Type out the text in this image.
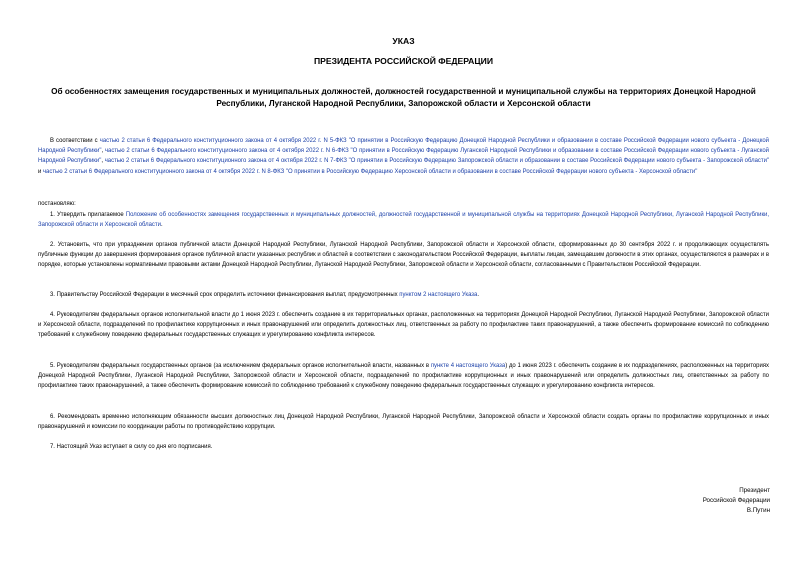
УКАЗ
ПРЕЗИДЕНТА РОССИЙСКОЙ ФЕДЕРАЦИИ
Об особенностях замещения государственных и муниципальных должностей, должностей государственной и муниципальной службы на территориях Донецкой Народной Республики, Луганской Народной Республики, Запорожской области и Херсонской области
В соответствии с частью 2 статьи 6 Федерального конституционного закона от 4 октября 2022 г. N 5-ФКЗ "О принятии в Российскую Федерацию Донецкой Народной Республики и образовании в составе Российской Федерации нового субъекта - Донецкой Народной Республики", частью 2 статьи 6 Федерального конституционного закона от 4 октября 2022 г. N 6-ФКЗ "О принятии в Российскую Федерацию Луганской Народной Республики и образовании в составе Российской Федерации нового субъекта - Луганской Народной Республики", частью 2 статьи 6 Федерального конституционного закона от 4 октября 2022 г. N 7-ФКЗ "О принятии в Российскую Федерацию Запорожской области и образовании в составе Российской Федерации нового субъекта - Запорожской области" и частью 2 статьи 6 Федерального конституционного закона от 4 октября 2022 г. N 8-ФКЗ "О принятии в Российскую Федерацию Херсонской области и образовании в составе Российской Федерации нового субъекта - Херсонской области"
постановляю:
1. Утвердить прилагаемое Положение об особенностях замещения государственных и муниципальных должностей, должностей государственной и муниципальной службы на территориях Донецкой Народной Республики, Луганской Народной Республики, Запорожской области и Херсонской области.
2. Установить, что при упразднении органов публичной власти Донецкой Народной Республики, Луганской Народной Республики, Запорожской области и Херсонской области, сформированных до 30 сентября 2022 г. и продолжающих осуществлять публичные функции до завершения формирования органов публичной власти указанных республик и областей в соответствии с законодательством Российской Федерации, выплаты лицам, замещавшим должности в этих органах, осуществляются в размерах и в порядке, которые установлены нормативными правовыми актами Донецкой Народной Республики, Луганской Народной Республики, Запорожской области и Херсонской области, согласованными с Правительством Российской Федерации.
3. Правительству Российской Федерации в месячный срок определить источники финансирования выплат, предусмотренных пунктом 2 настоящего Указа.
4. Руководителям федеральных органов исполнительной власти до 1 июня 2023 г. обеспечить создание в их территориальных органах, расположенных на территориях Донецкой Народной Республики, Луганской Народной Республики, Запорожской области и Херсонской области, подразделений по профилактике коррупционных и иных правонарушений или определить должностных лиц, ответственных за работу по профилактике таких правонарушений, а также обеспечить формирование комиссий по соблюдению требований к служебному поведению федеральных государственных служащих и урегулированию конфликта интересов.
5. Руководителям федеральных государственных органов (за исключением федеральных органов исполнительной власти, названных в пункте 4 настоящего Указа) до 1 июня 2023 г. обеспечить создание в их подразделениях, расположенных на территориях Донецкой Народной Республики, Луганской Народной Республики, Запорожской области и Херсонской области, подразделений по профилактике коррупционных и иных правонарушений или определить должностных лиц, ответственных за работу по профилактике таких правонарушений, а также обеспечить формирование комиссий по соблюдению требований к служебному поведению федеральных государственных служащих и урегулированию конфликта интересов.
6. Рекомендовать временно исполняющим обязанности высших должностных лиц Донецкой Народной Республики, Луганской Народной Республики, Запорожской области и Херсонской области создать органы по профилактике коррупционных и иных правонарушений и комиссии по координации работы по противодействию коррупции.
7. Настоящий Указ вступает в силу со дня его подписания.
Президент
Российской Федерации
В.Путин
